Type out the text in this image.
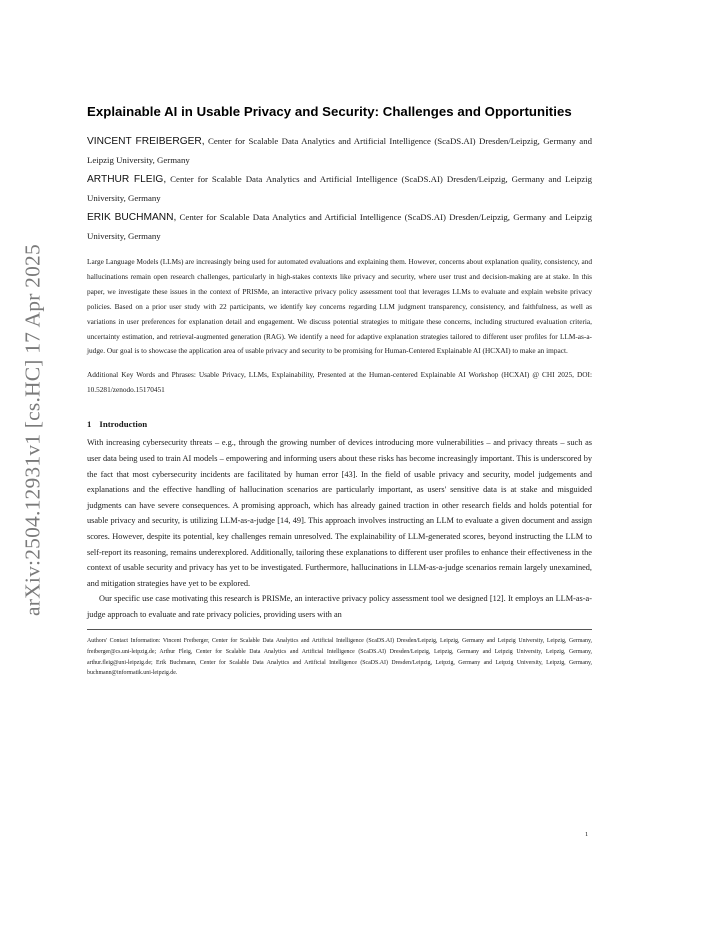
arXiv:2504.12931v1 [cs.HC] 17 Apr 2025
Explainable AI in Usable Privacy and Security: Challenges and Opportunities

VINCENT FREIBERGER, Center for Scalable Data Analytics and Artificial Intelligence (ScaDS.AI) Dresden/Leipzig, Germany and Leipzig University, Germany

ARTHUR FLEIG, Center for Scalable Data Analytics and Artificial Intelligence (ScaDS.AI) Dresden/Leipzig, Germany and Leipzig University, Germany

ERIK BUCHMANN, Center for Scalable Data Analytics and Artificial Intelligence (ScaDS.AI) Dresden/Leipzig, Germany and Leipzig University, Germany

Large Language Models (LLMs) are increasingly being used for automated evaluations and explaining them. However, concerns about explanation quality, consistency, and hallucinations remain open research challenges, particularly in high-stakes contexts like privacy and security, where user trust and decision-making are at stake. In this paper, we investigate these issues in the context of PRISMe, an interactive privacy policy assessment tool that leverages LLMs to evaluate and explain website privacy policies. Based on a prior user study with 22 participants, we identify key concerns regarding LLM judgment transparency, consistency, and faithfulness, as well as variations in user preferences for explanation detail and engagement. We discuss potential strategies to mitigate these concerns, including structured evaluation criteria, uncertainty estimation, and retrieval-augmented generation (RAG). We identify a need for adaptive explanation strategies tailored to different user profiles for LLM-as-a-judge. Our goal is to showcase the application area of usable privacy and security to be promising for Human-Centered Explainable AI (HCXAI) to make an impact.

Additional Key Words and Phrases: Usable Privacy, LLMs, Explainability, Presented at the Human-centered Explainable AI Workshop (HCXAI) @ CHI 2025, DOI: 10.5281/zenodo.15170451

1 Introduction

With increasing cybersecurity threats – e.g., through the growing number of devices introducing more vulnerabilities – and privacy threats – such as user data being used to train AI models – empowering and informing users about these risks has become increasingly important. This is underscored by the fact that most cybersecurity incidents are facilitated by human error [43]. In the field of usable privacy and security, model judgements and explanations and the effective handling of hallucination scenarios are particularly important, as users' sensitive data is at stake and misguided judgments can have severe consequences. A promising approach, which has already gained traction in other research fields and holds potential for usable privacy and security, is utilizing LLM-as-a-judge [14, 49]. This approach involves instructing an LLM to evaluate a given document and assign scores. However, despite its potential, key challenges remain unresolved. The explainability of LLM-generated scores, beyond instructing the LLM to self-report its reasoning, remains underexplored. Additionally, tailoring these explanations to different user profiles to enhance their effectiveness in the context of usable security and privacy has yet to be investigated. Furthermore, hallucinations in LLM-as-a-judge scenarios remain largely unexamined, and mitigation strategies have yet to be explored.

Our specific use case motivating this research is PRISMe, an interactive privacy policy assessment tool we designed [12]. It employs an LLM-as-a-judge approach to evaluate and rate privacy policies, providing users with an

Authors' Contact Information: Vincent Freiberger, Center for Scalable Data Analytics and Artificial Intelligence (ScaDS.AI) Dresden/Leipzig, Leipzig, Germany and Leipzig University, Leipzig, Germany, freiberger@cs.uni-leipzig.de; Arthur Fleig, Center for Scalable Data Analytics and Artificial Intelligence (ScaDS.AI) Dresden/Leipzig, Leipzig, Germany and Leipzig University, Leipzig, Germany, arthur.fleig@uni-leipzig.de; Erik Buchmann, Center for Scalable Data Analytics and Artificial Intelligence (ScaDS.AI) Dresden/Leipzig, Leipzig, Germany and Leipzig University, Leipzig, Germany, buchmann@informatik.uni-leipzig.de.

1
